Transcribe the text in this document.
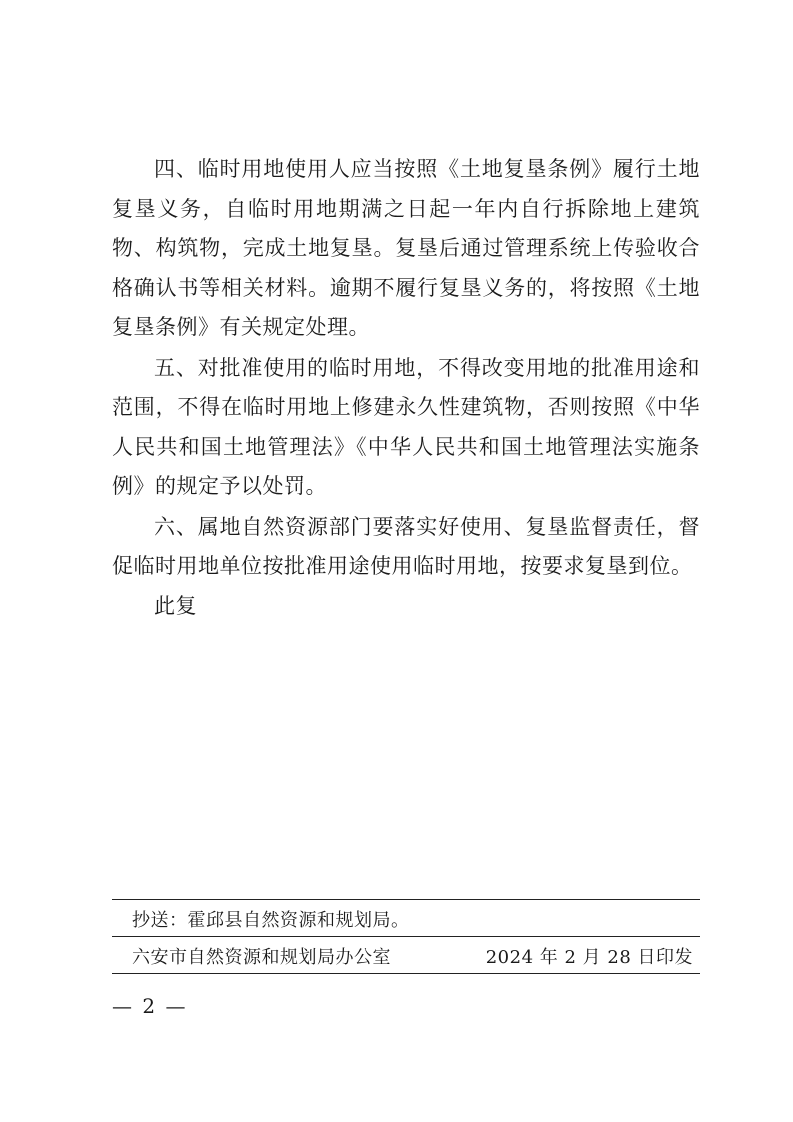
四、临时用地使用人应当按照《土地复垦条例》履行土地复垦义务，自临时用地期满之日起一年内自行拆除地上建筑物、构筑物，完成土地复垦。复垦后通过管理系统上传验收合格确认书等相关材料。逾期不履行复垦义务的，将按照《土地复垦条例》有关规定处理。

五、对批准使用的临时用地，不得改变用地的批准用途和范围，不得在临时用地上修建永久性建筑物，否则按照《中华人民共和国土地管理法》《中华人民共和国土地管理法实施条例》的规定予以处罚。

六、属地自然资源部门要落实好使用、复垦监督责任，督促临时用地单位按批准用途使用临时用地，按要求复垦到位。

此复
抄送：霍邱县自然资源和规划局。
六安市自然资源和规划局办公室	2024 年 2 月 28 日印发
— 2 —
